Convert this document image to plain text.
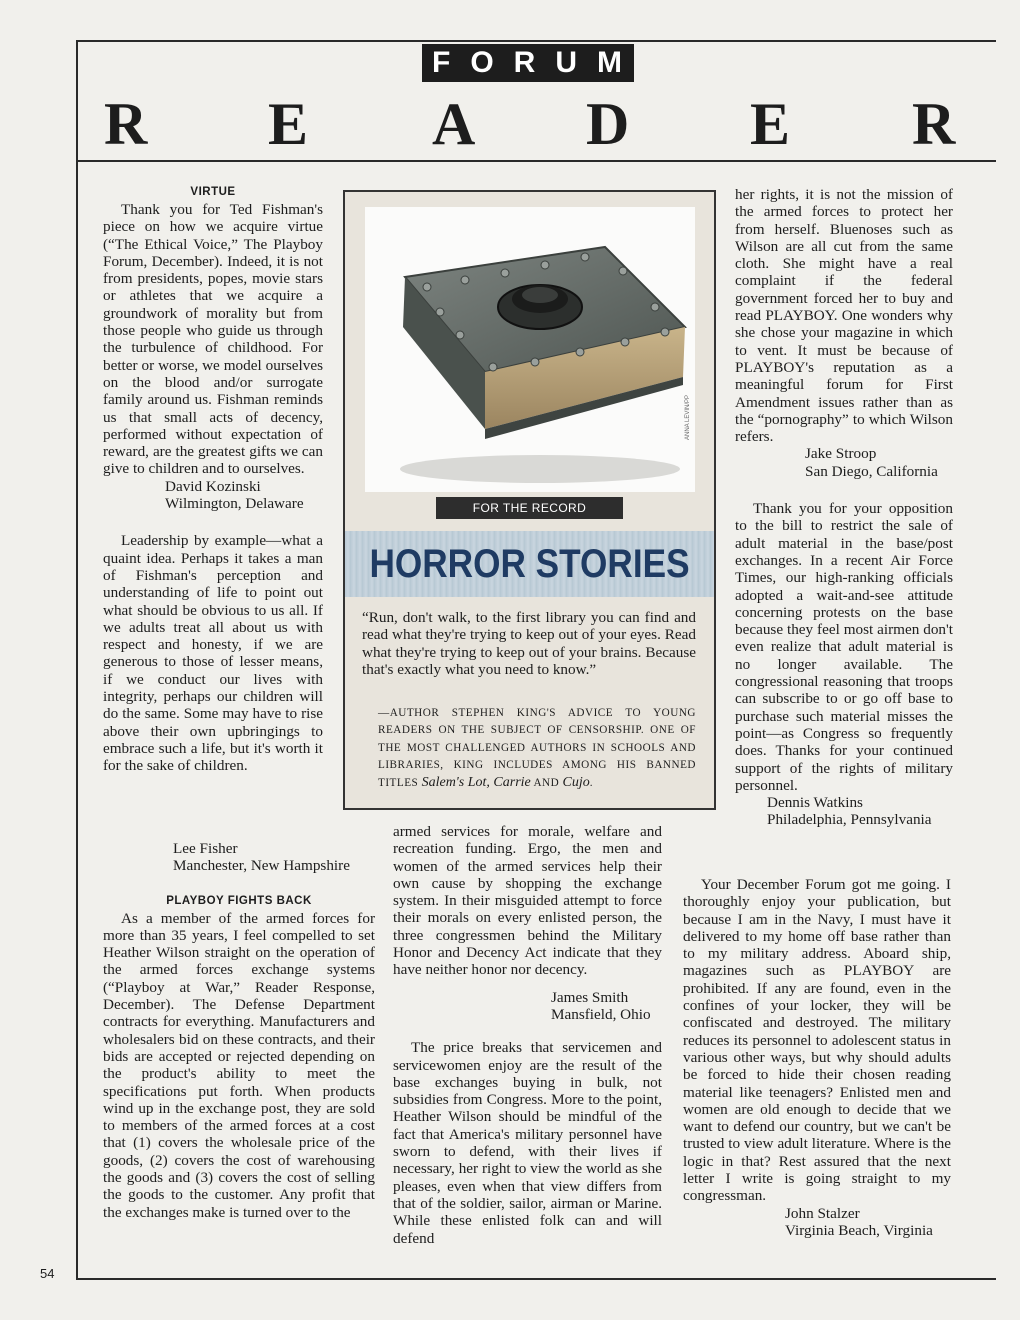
FORUM
R E A D E R
VIRTUE

Thank you for Ted Fishman's piece on how we acquire virtue (“The Ethical Voice,” The Playboy Forum, December). Indeed, it is not from presidents, popes, movie stars or athletes that we acquire a groundwork of morality but from those people who guide us through the turbulence of childhood. For better or worse, we model ourselves on the blood and/or surrogate family around us. Fishman reminds us that small acts of decency, performed without expectation of reward, are the greatest gifts we can give to children and to ourselves.

David Kozinski

Wilmington, Delaware

Leadership by example—what a quaint idea. Perhaps it takes a man of Fishman's perception and understanding of life to point out what should be obvious to us all. If we adults treat all about us with respect and honesty, if we are generous to those of lesser means, if we conduct our lives with integrity, perhaps our children will do the same. Some may have to rise above their own upbringings to embrace such a life, but it's worth it for the sake of children.

Lee Fisher

Manchester, New Hampshire

PLAYBOY FIGHTS BACK

As a member of the armed forces for more than 35 years, I feel compelled to set Heather Wilson straight on the operation of the armed forces exchange systems (“Playboy at War,” Reader Response, December). The Defense Department contracts for everything. Manufacturers and wholesalers bid on these contracts, and their bids are accepted or rejected depending on the product's ability to meet the specifications put forth. When products wind up in the exchange post, they are sold to members of the armed forces at a cost that (1) covers the wholesale price of the goods, (2) covers the cost of warehousing the goods and (3) covers the cost of selling the goods to the customer. Any profit that the exchanges make is turned over to the

ANNA LEVIN/PP
FOR THE RECORD
HORROR STORIES
“Run, don't walk, to the first library you can find and read what they're trying to keep out of your eyes. Read what they're trying to keep out of your brains. Because that's exactly what you need to know.”
—AUTHOR STEPHEN KING'S ADVICE TO YOUNG READERS ON THE SUBJECT OF CENSORSHIP. ONE OF THE MOST CHALLENGED AUTHORS IN SCHOOLS AND LIBRARIES, KING INCLUDES AMONG HIS BANNED TITLES Salem's Lot, Carrie AND Cujo.

armed services for morale, welfare and recreation funding. Ergo, the men and women of the armed services help their own cause by shopping the exchange system. In their misguided attempt to force their morals on every enlisted person, the three congressmen behind the Military Honor and Decency Act indicate that they have neither honor nor decency.

James Smith

Mansfield, Ohio

The price breaks that servicemen and servicewomen enjoy are the result of the base exchanges buying in bulk, not subsidies from Congress. More to the point, Heather Wilson should be mindful of the fact that America's military personnel have sworn to defend, with their lives if necessary, her right to view the world as she pleases, even when that view differs from that of the soldier, sailor, airman or Marine. While these enlisted folk can and will defend

her rights, it is not the mission of the armed forces to protect her from herself. Bluenoses such as Wilson are all cut from the same cloth. She might have a real complaint if the federal government forced her to buy and read PLAYBOY. One wonders why she chose your magazine in which to vent. It must be because of PLAYBOY's reputation as a meaningful forum for First Amendment issues rather than as the “pornography” to which Wilson refers.

Jake Stroop

San Diego, California

Thank you for your opposition to the bill to restrict the sale of adult material in the base/post exchanges. In a recent Air Force Times, our high-ranking officials adopted a wait-and-see attitude concerning protests on the base because they feel most airmen don't even realize that adult material is no longer available. The congressional reasoning that troops can subscribe to or go off base to purchase such material misses the point—as Congress so frequently does. Thanks for your continued support of the rights of military personnel.

Dennis Watkins

Philadelphia, Pennsylvania

Your December Forum got me going. I thoroughly enjoy your publication, but because I am in the Navy, I must have it delivered to my home off base rather than to my military address. Aboard ship, magazines such as PLAYBOY are prohibited. If any are found, even in the confines of your locker, they will be confiscated and destroyed. The military reduces its personnel to adolescent status in various other ways, but why should adults be forced to hide their chosen reading material like teenagers? Enlisted men and women are old enough to decide that we want to defend our country, but we can't be trusted to view adult literature. Where is the logic in that? Rest assured that the next letter I write is going straight to my congressman.

John Stalzer

Virginia Beach, Virginia

54
